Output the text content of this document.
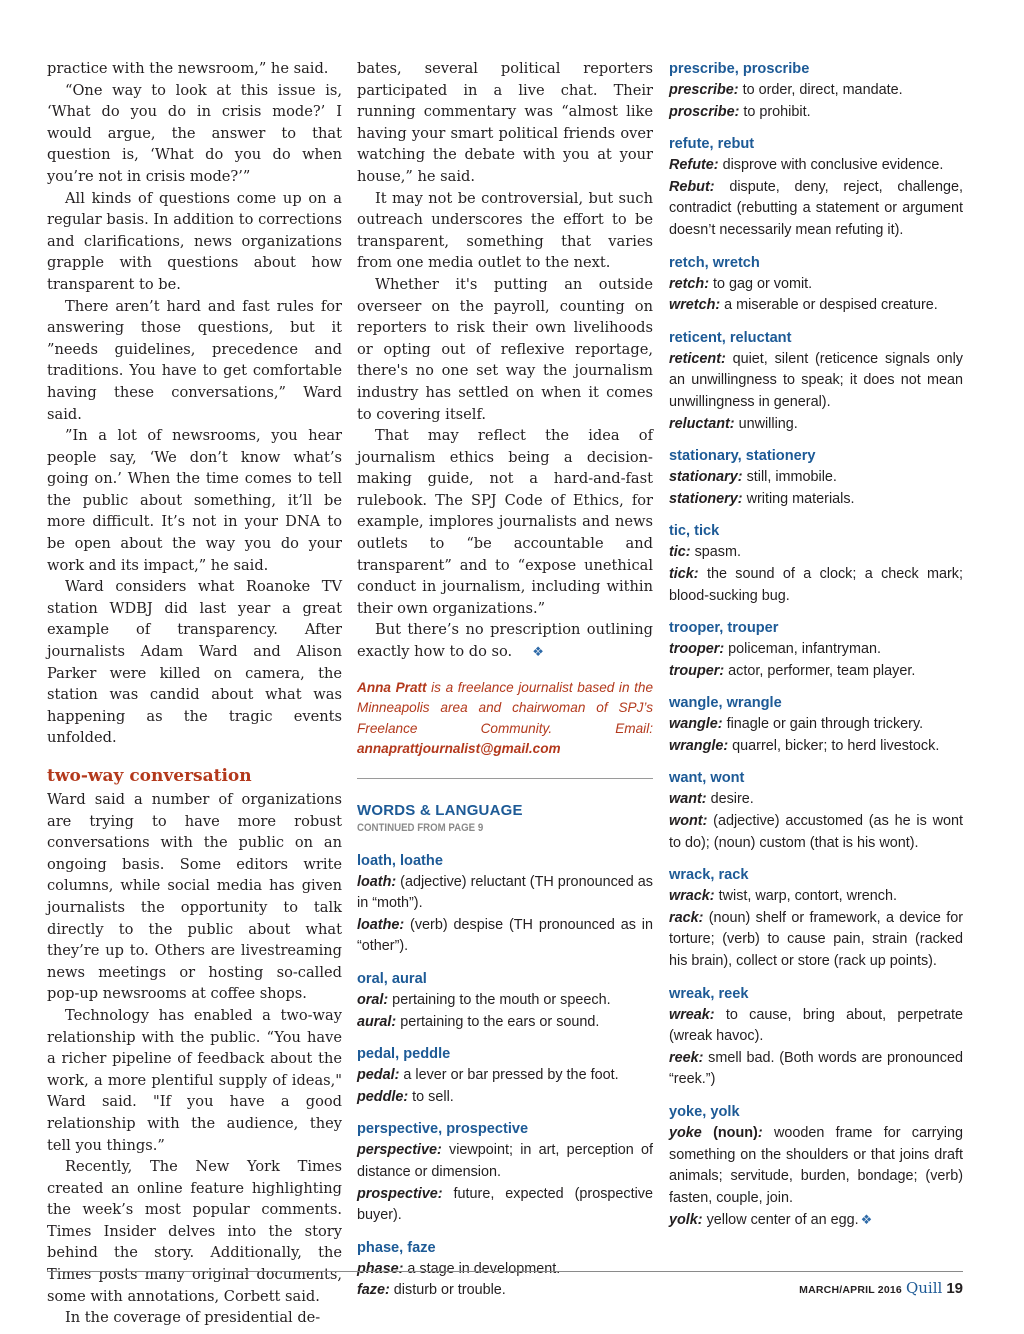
practice with the newsroom,” he said.

“One way to look at this issue is, ‘What do you do in crisis mode?’ I would argue, the answer to that question is, ‘What do you do when you’re not in crisis mode?’”

All kinds of questions come up on a regular basis. In addition to corrections and clarifications, news organizations grapple with questions about how transparent to be.

There aren’t hard and fast rules for answering those questions, but it ”needs guidelines, precedence and traditions. You have to get comfortable having these conversations,” Ward said.

”In a lot of newsrooms, you hear people say, ‘We don’t know what’s going on.’ When the time comes to tell the public about something, it’ll be more difficult. It’s not in your DNA to be open about the way you do your work and its impact,” he said.

Ward considers what Roanoke TV station WDBJ did last year a great example of transparency. After journalists Adam Ward and Alison Parker were killed on camera, the station was candid about what was happening as the tragic events unfolded.

two-way conversation

Ward said a number of organizations are trying to have more robust conversations with the public on an ongoing basis. Some editors write columns, while social media has given journalists the opportunity to talk directly to the public about what they’re up to. Others are livestreaming news meetings or hosting so-called pop-up newsrooms at coffee shops.

Technology has enabled a two-way relationship with the public. “You have a richer pipeline of feedback about the work, a more plentiful supply of ideas," Ward said. "If you have a good relationship with the audience, they tell you things.”

Recently, The New York Times created an online feature highlighting the week’s most popular comments. Times Insider delves into the story behind the story. Additionally, the Times posts many original documents, some with annotations, Corbett said.

In the coverage of presidential de-

bates, several political reporters participated in a live chat. Their running commentary was “almost like having your smart political friends over watching the debate with you at your house,” he said.

It may not be controversial, but such outreach underscores the effort to be transparent, something that varies from one media outlet to the next.

Whether it's putting an outside overseer on the payroll, counting on reporters to risk their own livelihoods or opting out of reflexive reportage, there's no one set way the journalism industry has settled on when it comes to covering itself.

That may reflect the idea of journalism ethics being a decision-making guide, not a hard-and-fast rulebook. The SPJ Code of Ethics, for example, implores journalists and news outlets to “be accountable and transparent” and to “expose unethical conduct in journalism, including within their own organizations.”

But there’s no prescription outlining exactly how to do so. ❖

Anna Pratt is a freelance journalist based in the Minneapolis area and chairwoman of SPJ’s Freelance Community. Email: annaprattjournalist@gmail.com
WORDS & LANGUAGE
CONTINUED FROM PAGE 9
loath, loathe

loath: (adjective) reluctant (TH pronounced as in “moth”).

loathe: (verb) despise (TH pronounced as in “other”).

oral, aural

oral: pertaining to the mouth or speech.

aural: pertaining to the ears or sound.

pedal, peddle

pedal: a lever or bar pressed by the foot.

peddle: to sell.

perspective, prospective

perspective: viewpoint; in art, perception of distance or dimension.

prospective: future, expected (prospective buyer).

phase, faze

phase: a stage in development.

faze: disturb or trouble.

prescribe, proscribe

prescribe: to order, direct, mandate.

proscribe: to prohibit.

refute, rebut

Refute: disprove with conclusive evidence.

Rebut: dispute, deny, reject, challenge, contradict (rebutting a statement or argument doesn’t necessarily mean refuting it).

retch, wretch

retch: to gag or vomit.

wretch: a miserable or despised creature.

reticent, reluctant

reticent: quiet, silent (reticence signals only an unwillingness to speak; it does not mean unwillingness in general).

reluctant: unwilling.

stationary, stationery

stationary: still, immobile.

stationery: writing materials.

tic, tick

tic: spasm.

tick: the sound of a clock; a check mark; blood-sucking bug.

trooper, trouper

trooper: policeman, infantryman.

trouper: actor, performer, team player.

wangle, wrangle

wangle: finagle or gain through trickery.

wrangle: quarrel, bicker; to herd livestock.

want, wont

want: desire.

wont: (adjective) accustomed (as he is wont to do); (noun) custom (that is his wont).

wrack, rack

wrack: twist, warp, contort, wrench.

rack: (noun) shelf or framework, a device for torture; (verb) to cause pain, strain (racked his brain), collect or store (rack up points).

wreak, reek

wreak: to cause, bring about, perpetrate (wreak havoc).

reek: smell bad. (Both words are pronounced “reek.”)

yoke, yolk

yoke (noun): wooden frame for carrying something on the shoulders or that joins draft animals; servitude, burden, bondage; (verb) fasten, couple, join.

yolk: yellow center of an egg. ❖

MARCH/APRIL 2016 Quill 19
